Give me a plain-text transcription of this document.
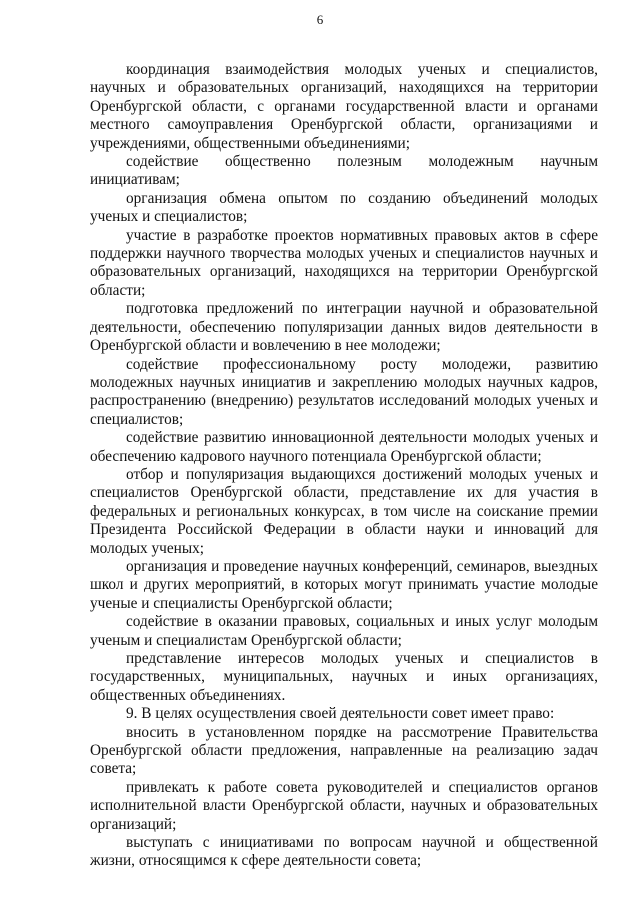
6

координация взаимодействия молодых ученых и специалистов, научных и образовательных организаций, находящихся на территории Оренбургской области, с органами государственной власти и органами местного самоуправления Оренбургской области, организациями и учреждениями, общественными объединениями;

содействие общественно полезным молодежным научным инициативам;

организация обмена опытом по созданию объединений молодых ученых и специалистов;

участие в разработке проектов нормативных правовых актов в сфере поддержки научного творчества молодых ученых и специалистов научных и образовательных организаций, находящихся на территории Оренбургской области;

подготовка предложений по интеграции научной и образовательной деятельности, обеспечению популяризации данных видов деятельности в Оренбургской области и вовлечению в нее молодежи;

содействие профессиональному росту молодежи, развитию молодежных научных инициатив и закреплению молодых научных кадров, распространению (внедрению) результатов исследований молодых ученых и специалистов;

содействие развитию инновационной деятельности молодых ученых и обеспечению кадрового научного потенциала Оренбургской области;

отбор и популяризация выдающихся достижений молодых ученых и специалистов Оренбургской области, представление их для участия в федеральных и региональных конкурсах, в том числе на соискание премии Президента Российской Федерации в области науки и инноваций для молодых ученых;

организация и проведение научных конференций, семинаров, выездных школ и других мероприятий, в которых могут принимать участие молодые ученые и специалисты Оренбургской области;

содействие в оказании правовых, социальных и иных услуг молодым ученым и специалистам Оренбургской области;

представление интересов молодых ученых и специалистов в государственных, муниципальных, научных и иных организациях, общественных объединениях.

9. В целях осуществления своей деятельности совет имеет право:

вносить в установленном порядке на рассмотрение Правительства Оренбургской области предложения, направленные на реализацию задач совета;

привлекать к работе совета руководителей и специалистов органов исполнительной власти Оренбургской области, научных и образовательных организаций;

выступать с инициативами по вопросам научной и общественной жизни, относящимся к сфере деятельности совета;
